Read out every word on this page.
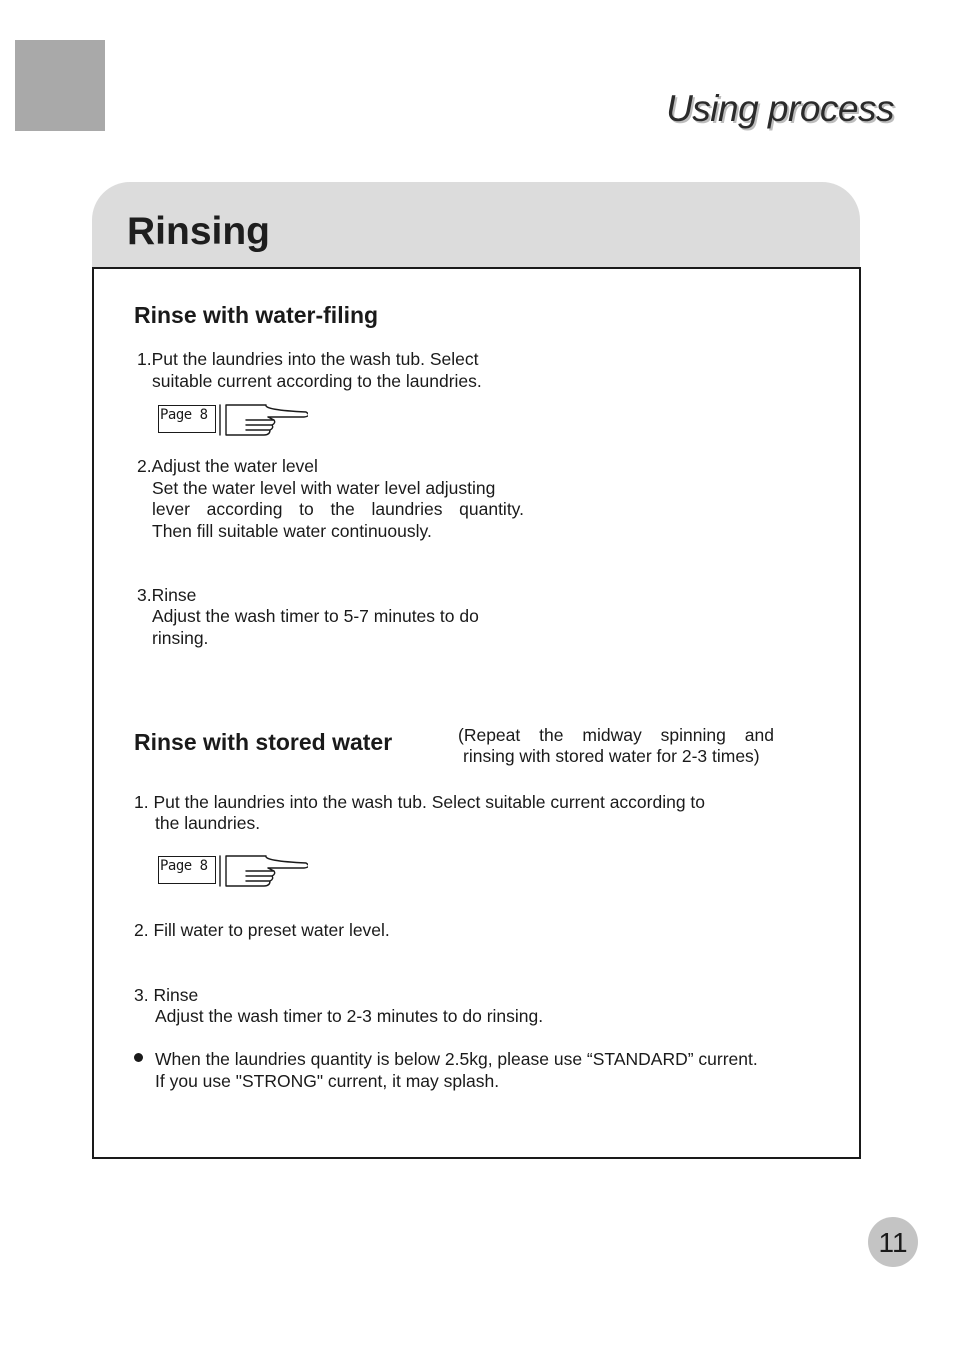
Using process
Rinsing
Rinse with water-filing
1.Put the laundries into the wash tub. Select
suitable current according to the laundries.
Page 8
2.Adjust the water level
Set the water level with water level adjusting
lever according to the laundries quantity.
Then fill suitable water continuously.
3.Rinse
Adjust the wash timer to 5-7 minutes to do
rinsing.
Rinse with stored water	(Repeat the midway spinning and
rinsing with stored water for 2-3 times)
1. Put the laundries into the wash tub. Select suitable current according to
the laundries.
Page 8
2. Fill water to preset water level.
3. Rinse
Adjust the wash timer to 2-3 minutes to do rinsing.
When the laundries quantity is below 2.5kg, please use “STANDARD” current.
If you use "STRONG" current, it may splash.
11
